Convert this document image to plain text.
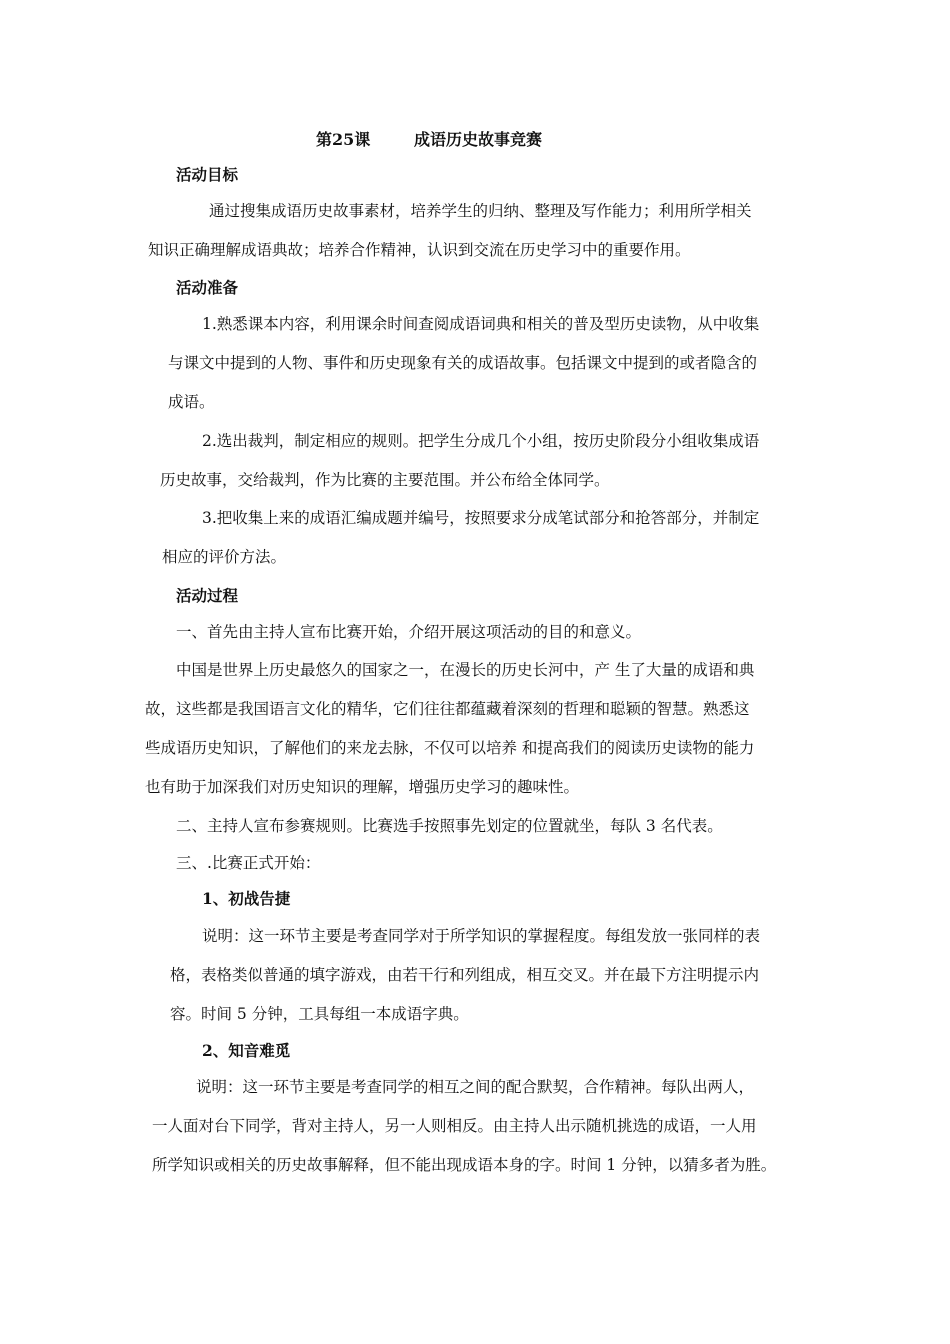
第25课	成语历史故事竞赛
活动目标
通过搜集成语历史故事素材，培养学生的归纳、整理及写作能力；利用所学相关
知识正确理解成语典故；培养合作精神，认识到交流在历史学习中的重要作用。
活动准备
1.熟悉课本内容，利用课余时间查阅成语词典和相关的普及型历史读物，从中收集
与课文中提到的人物、事件和历史现象有关的成语故事。包括课文中提到的或者隐含的
成语。
2.选出裁判，制定相应的规则。把学生分成几个小组，按历史阶段分小组收集成语
历史故事，交给裁判，作为比赛的主要范围。并公布给全体同学。
3.把收集上来的成语汇编成题并编号，按照要求分成笔试部分和抢答部分，并制定
相应的评价方法。
活动过程
一、首先由主持人宣布比赛开始，介绍开展这项活动的目的和意义。
中国是世界上历史最悠久的国家之一，在漫长的历史长河中，产 生了大量的成语和典
故，这些都是我国语言文化的精华，它们往往都蕴藏着深刻的哲理和聪颖的智慧。熟悉这
些成语历史知识，了解他们的来龙去脉，不仅可以培养 和提高我们的阅读历史读物的能力
也有助于加深我们对历史知识的理解，增强历史学习的趣味性。
二、主持人宣布参赛规则。比赛选手按照事先划定的位置就坐，每队 3 名代表。
三、.比赛正式开始：
1、初战告捷
说明：这一环节主要是考查同学对于所学知识的掌握程度。每组发放一张同样的表
格，表格类似普通的填字游戏，由若干行和列组成，相互交叉。并在最下方注明提示内
容。时间 5 分钟，工具每组一本成语字典。
2、知音难觅
说明：这一环节主要是考查同学的相互之间的配合默契，合作精神。每队出两人，
一人面对台下同学，背对主持人，另一人则相反。由主持人出示随机挑选的成语，一人用
所学知识或相关的历史故事解释，但不能出现成语本身的字。时间 1 分钟，以猜多者为胜。
